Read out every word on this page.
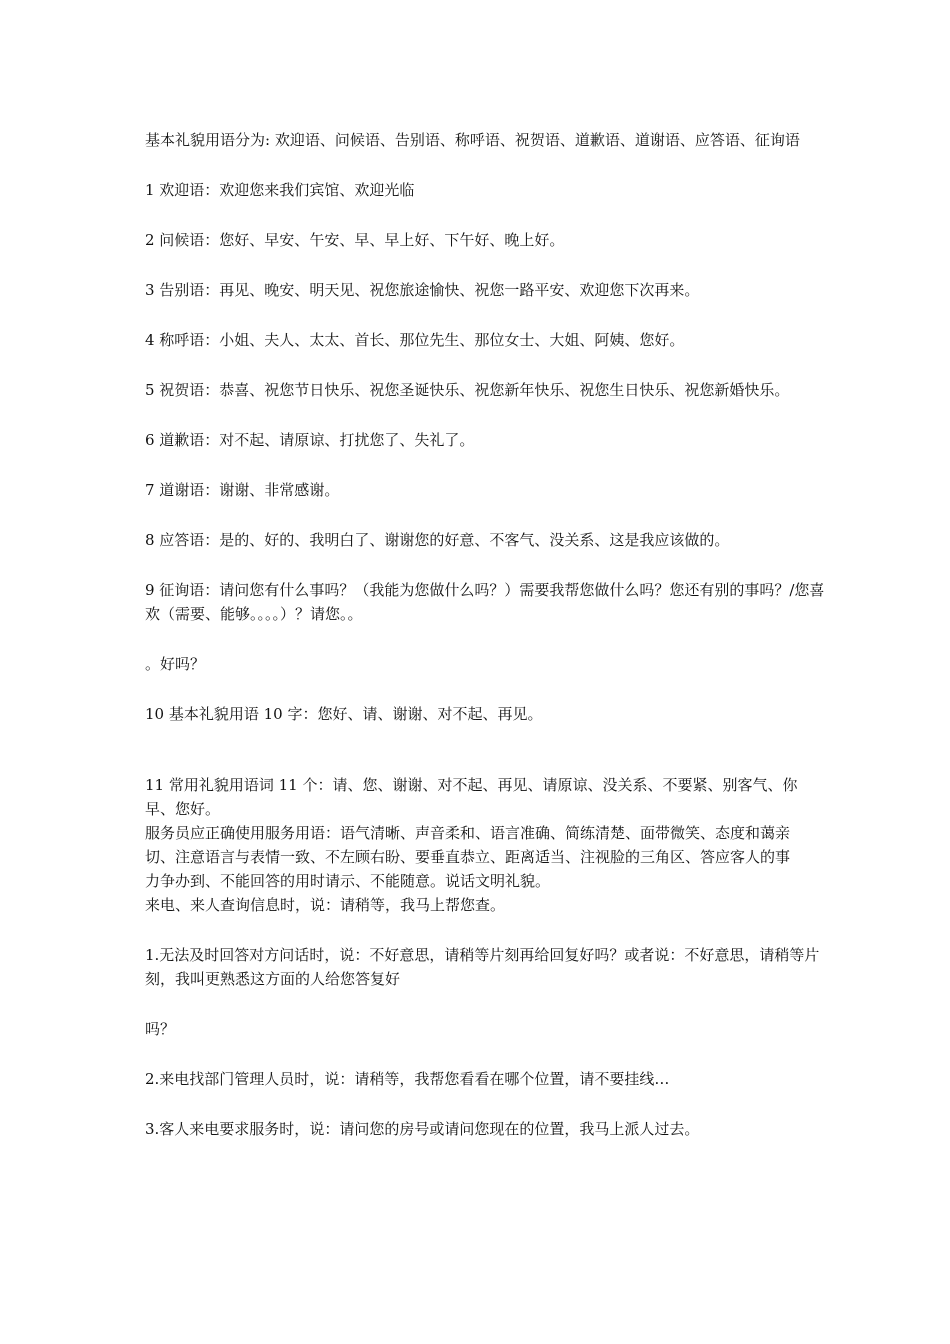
基本礼貌用语分为: 欢迎语、问候语、告别语、称呼语、祝贺语、道歉语、道谢语、应答语、征询语

1 欢迎语：欢迎您来我们宾馆、欢迎光临

2 问候语：您好、早安、午安、早、早上好、下午好、晚上好。

3 告别语：再见、晚安、明天见、祝您旅途愉快、祝您一路平安、欢迎您下次再来。

4 称呼语：小姐、夫人、太太、首长、那位先生、那位女士、大姐、阿姨、您好。

5 祝贺语：恭喜、祝您节日快乐、祝您圣诞快乐、祝您新年快乐、祝您生日快乐、祝您新婚快乐。

6 道歉语：对不起、请原谅、打扰您了、失礼了。

7 道谢语：谢谢、非常感谢。

8 应答语：是的、好的、我明白了、谢谢您的好意、不客气、没关系、这是我应该做的。

9 征询语：请问您有什么事吗？（我能为您做什么吗？）需要我帮您做什么吗？您还有别的事吗？/您喜欢（需要、能够。。。。）？请您。。

。好吗？

10 基本礼貌用语 10 字：您好、请、谢谢、对不起、再见。

11 常用礼貌用语词 11 个：请、您、谢谢、对不起、再见、请原谅、没关系、不要紧、别客气、你早、您好。

服务员应正确使用服务用语：语气清晰、声音柔和、语言准确、简练清楚、面带微笑、态度和蔼亲

切、注意语言与表情一致、不左顾右盼、要垂直恭立、距离适当、注视脸的三角区、答应客人的事

力争办到、不能回答的用时请示、不能随意。说话文明礼貌。

来电、来人查询信息时，说：请稍等，我马上帮您查。

1.无法及时回答对方问话时，说：不好意思，请稍等片刻再给回复好吗？或者说：不好意思，请稍等片刻，我叫更熟悉这方面的人给您答复好

吗？

2.来电找部门管理人员时，说：请稍等，我帮您看看在哪个位置，请不要挂线…

3.客人来电要求服务时，说：请问您的房号或请问您现在的位置，我马上派人过去。
